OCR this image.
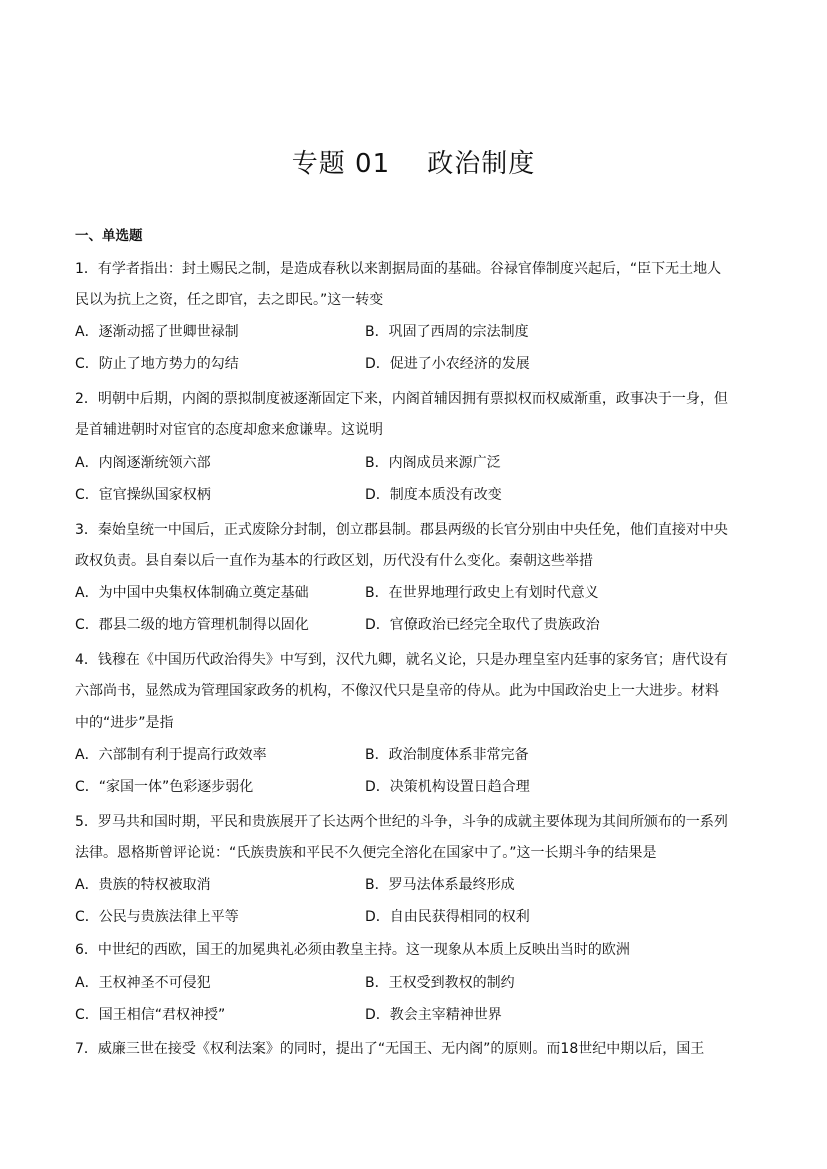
专题 01    政治制度
一、单选题
1．有学者指出：封土赐民之制，是造成春秋以来割据局面的基础。谷禄官俸制度兴起后，“臣下无土地人
民以为抗上之资，任之即官，去之即民。”这一转变
A．逐渐动摇了世卿世禄制	B．巩固了西周的宗法制度
C．防止了地方势力的勾结	D．促进了小农经济的发展
2．明朝中后期，内阁的票拟制度被逐渐固定下来，内阁首辅因拥有票拟权而权威渐重，政事决于一身，但
是首辅进朝时对宦官的态度却愈来愈谦卑。这说明
A．内阁逐渐统领六部	B．内阁成员来源广泛
C．宦官操纵国家权柄	D．制度本质没有改变
3．秦始皇统一中国后，正式废除分封制，创立郡县制。郡县两级的长官分别由中央任免，他们直接对中央
政权负责。县自秦以后一直作为基本的行政区划，历代没有什么变化。秦朝这些举措
A．为中国中央集权体制确立奠定基础	B．在世界地理行政史上有划时代意义
C．郡县二级的地方管理机制得以固化	D．官僚政治已经完全取代了贵族政治
4．钱穆在《中国历代政治得失》中写到，汉代九卿，就名义论，只是办理皇室内廷事的家务官；唐代设有
六部尚书，显然成为管理国家政务的机构，不像汉代只是皇帝的侍从。此为中国政治史上一大进步。材料
中的“进步”是指
A．六部制有利于提高行政效率	B．政治制度体系非常完备
C．“家国一体”色彩逐步弱化	D．决策机构设置日趋合理
5．罗马共和国时期，平民和贵族展开了长达两个世纪的斗争，斗争的成就主要体现为其间所颁布的一系列
法律。恩格斯曾评论说：“氏族贵族和平民不久便完全溶化在国家中了。”这一长期斗争的结果是
A．贵族的特权被取消	B．罗马法体系最终形成
C．公民与贵族法律上平等	D．自由民获得相同的权利
6．中世纪的西欧，国王的加冕典礼必须由教皇主持。这一现象从本质上反映出当时的欧洲
A．王权神圣不可侵犯	B．王权受到教权的制约
C．国王相信“君权神授”	D．教会主宰精神世界
7．威廉三世在接受《权利法案》的同时，提出了“无国王、无内阁”的原则。而18世纪中期以后，国王
